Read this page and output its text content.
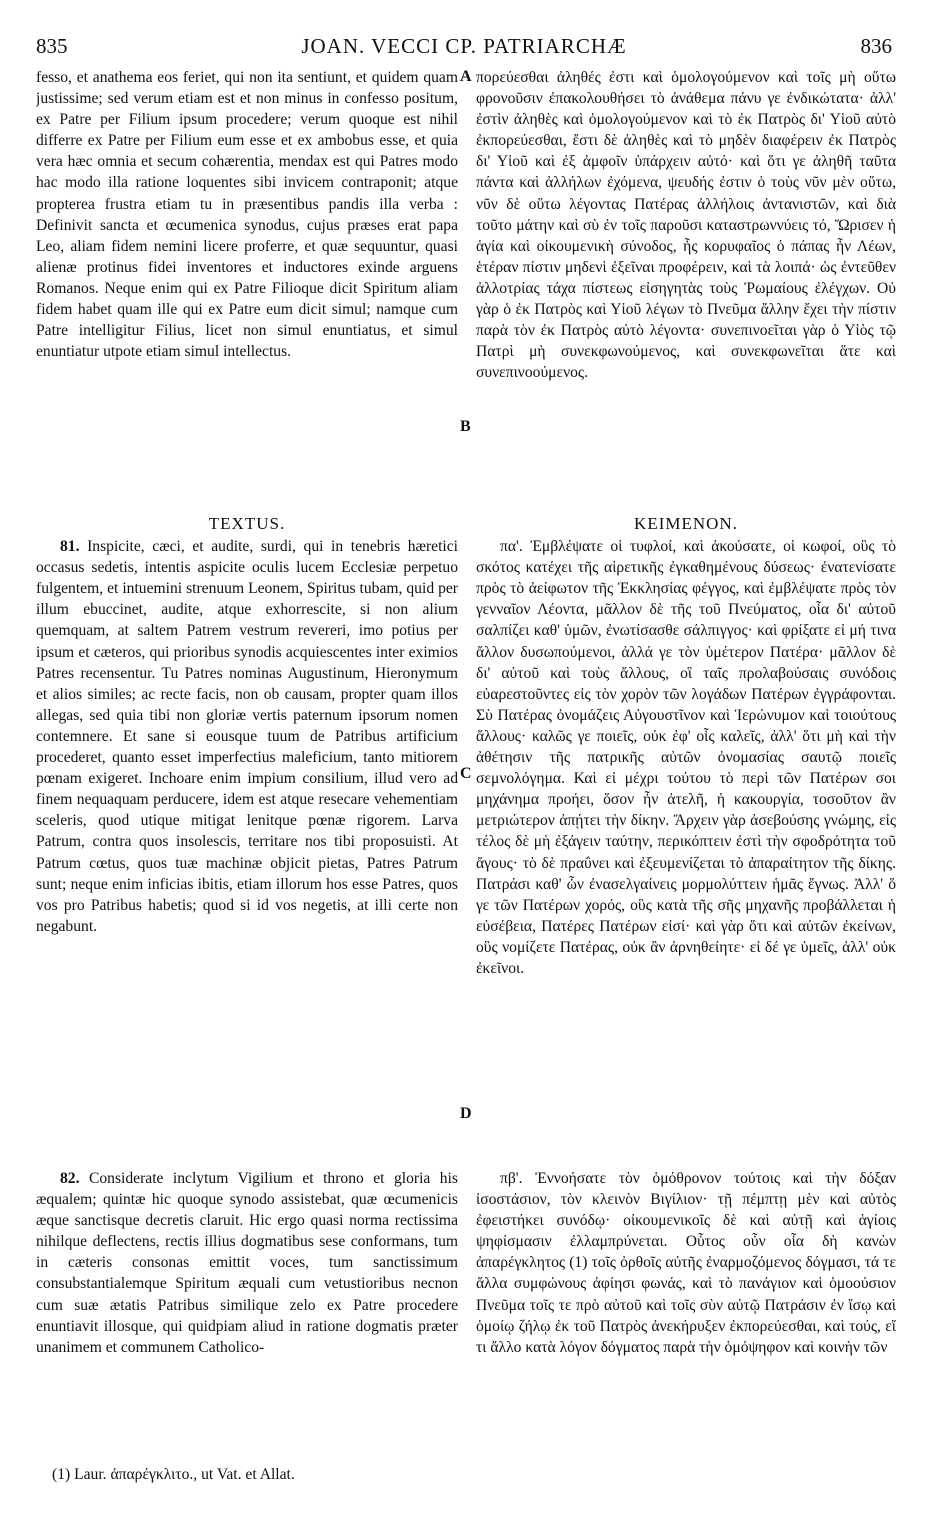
835	JOAN. VECCI CP. PATRIARCHÆ	836
A
B
C
D

fesso, et anathema eos feriet, qui non ita sentiunt, et quidem quam justissime; sed verum etiam est et non minus in confesso positum, ex Patre per Filium ipsum procedere; verum quoque est nihil differre ex Patre per Filium eum esse et ex ambobus esse, et quia vera hæc omnia et secum cohærentia, mendax est qui Patres modo hac modo illa ratione loquentes sibi invicem contraponit; atque propterea frustra etiam tu in præsentibus pandis illa verba : Definivit sancta et œcumenica synodus, cujus præses erat papa Leo, aliam fidem nemini licere proferre, et quæ sequuntur, quasi alienæ protinus fidei inventores et inductores exinde arguens Romanos. Neque enim qui ex Patre Filioque dicit Spiritum aliam fidem habet quam ille qui ex Patre eum dicit simul; namque cum Patre intelligitur Filius, licet non simul enuntiatus, et simul enuntiatur utpote etiam simul intellectus.

πορεύεσθαι ἀληθές ἐστι καὶ ὁμολογούμενον καὶ τοῖς μὴ οὕτω φρονοῦσιν ἐπακολουθήσει τὸ ἀνάθεμα πάνυ γε ἐνδικώτατα· ἀλλ' ἐστὶν ἀληθὲς καὶ ὁμολογούμενον καὶ τὸ ἐκ Πατρὸς δι' Υἱοῦ αὐτὸ ἐκπορεύεσθαι, ἔστι δὲ ἀληθὲς καὶ τὸ μηδὲν διαφέρειν ἐκ Πατρὸς δι' Υἱοῦ καὶ ἐξ ἀμφοῖν ὑπάρχειν αὐτό· καὶ ὅτι γε ἀληθῆ ταῦτα πάντα καὶ ἀλλήλων ἐχόμενα, ψευδής ἐστιν ὁ τοὺς νῦν μὲν οὕτω, νῦν δὲ οὕτω λέγοντας Πατέρας ἀλλήλοις ἀντανιστῶν, καὶ διὰ τοῦτο μάτην καὶ σὺ ἐν τοῖς παροῦσι καταστρωννύεις τό, Ὥρισεν ἡ ἁγία καὶ οἰκουμενικὴ σύνοδος, ἧς κορυφαῖος ὁ πάπας ἦν Λέων, ἑτέραν πίστιν μηδενὶ ἐξεῖναι προφέρειν, καὶ τὰ λοιπά· ὡς ἐντεῦθεν ἀλλοτρίας τάχα πίστεως εἰσηγητὰς τοὺς Ῥωμαίους ἐλέγχων. Οὐ γὰρ ὁ ἐκ Πατρὸς καὶ Υἱοῦ λέγων τὸ Πνεῦμα ἄλλην ἔχει τὴν πίστιν παρὰ τὸν ἐκ Πατρὸς αὐτὸ λέγοντα· συνεπινοεῖται γὰρ ὁ Υἱὸς τῷ Πατρὶ μὴ συνεκφωνούμενος, καὶ συνεκφωνεῖται ἅτε καὶ συνεπινοούμενος.

TEXTUS.

81. Inspicite, cæci, et audite, surdi, qui in tenebris hæretici occasus sedetis, intentis aspicite oculis lucem Ecclesiæ perpetuo fulgentem, et intuemini strenuum Leonem, Spiritus tubam, quid per illum ebuccinet, audite, atque exhorrescite, si non alium quemquam, at saltem Patrem vestrum revereri, imo potius per ipsum et cæteros, qui prioribus synodis acquiescentes inter eximios Patres recensentur. Tu Patres nominas Augustinum, Hieronymum et alios similes; ac recte facis, non ob causam, propter quam illos allegas, sed quia tibi non gloriæ vertis paternum ipsorum nomen contemnere. Et sane si eousque tuum de Patribus artificium procederet, quanto esset imperfectius maleficium, tanto mitiorem pœnam exigeret. Inchoare enim impium consilium, illud vero ad finem nequaquam perducere, idem est atque resecare vehementiam sceleris, quod utique mitigat lenitque pœnæ rigorem. Larva Patrum, contra quos insolescis, territare nos tibi proposuisti. At Patrum cœtus, quos tuæ machinæ objicit pietas, Patres Patrum sunt; neque enim inficias ibitis, etiam illorum hos esse Patres, quos vos pro Patribus habetis; quod si id vos negetis, at illi certe non negabunt.

KEIMENON.

πα'. Ἐμβλέψατε οἱ τυφλοί, καὶ ἀκούσατε, οἱ κωφοί, οὓς τὸ σκότος κατέχει τῆς αἱρετικῆς ἐγκαθημένους δύσεως· ἐνατενίσατε πρὸς τὸ ἀείφωτον τῆς Ἐκκλησίας φέγγος, καὶ ἐμβλέψατε πρὸς τὸν γενναῖον Λέοντα, μᾶλλον δὲ τῆς τοῦ Πνεύματος, οἷα δι' αὐτοῦ σαλπίζει καθ' ὑμῶν, ἐνωτίσασθε σάλπιγγος· καὶ φρίξατε εἰ μή τινα ἄλλον δυσωπούμενοι, ἀλλά γε τὸν ὑμέτερον Πατέρα· μᾶλλον δὲ δι' αὐτοῦ καὶ τοὺς ἄλλους, οἳ ταῖς προλαβούσαις συνόδοις εὐαρεστοῦντες εἰς τὸν χορὸν τῶν λογάδων Πατέρων ἐγγράφονται. Σὺ Πατέρας ὀνομάζεις Αὐγουστῖνον καὶ Ἱερώνυμον καὶ τοιούτους ἄλλους· καλῶς γε ποιεῖς, οὐκ ἐφ' οἷς καλεῖς, ἀλλ' ὅτι μὴ καὶ τὴν ἀθέτησιν τῆς πατρικῆς αὐτῶν ὀνομασίας σαυτῷ ποιεῖς σεμνολόγημα. Καὶ εἰ μέχρι τούτου τὸ περὶ τῶν Πατέρων σοι μηχάνημα προήει, ὅσον ἦν ἀτελῆ, ἡ κακουργία, τοσοῦτον ἂν μετριώτερον ἀπῄτει τὴν δίκην. Ἄρχειν γὰρ ἀσεβούσης γνώμης, εἰς τέλος δὲ μὴ ἐξάγειν ταύτην, περικόπτειν ἐστὶ τὴν σφοδρότητα τοῦ ἄγους· τὸ δὲ πραΰνει καὶ ἐξευμενίζεται τὸ ἀπαραίτητον τῆς δίκης. Πατράσι καθ' ὧν ἐνασελγαίνεις μορμολύττειν ἡμᾶς ἔγνως. Ἀλλ' ὅ γε τῶν Πατέρων χορός, οὓς κατὰ τῆς σῆς μηχανῆς προβάλλεται ἡ εὐσέβεια, Πατέρες Πατέρων εἰσί· καὶ γὰρ ὅτι καὶ αὐτῶν ἐκείνων, οὓς νομίζετε Πατέρας, οὐκ ἂν ἀρνηθείητε· εἰ δέ γε ὑμεῖς, ἀλλ' οὐκ ἐκεῖνοι.

82. Considerate inclytum Vigilium et throno et gloria his æqualem; quintæ hic quoque synodo assistebat, quæ œcumenicis æque sanctisque decretis claruit. Hic ergo quasi norma rectissima nihilque deflectens, rectis illius dogmatibus sese conformans, tum in cæteris consonas emittit voces, tum sanctissimum consubstantialemque Spiritum æquali cum vetustioribus necnon cum suæ ætatis Patribus similique zelo ex Patre procedere enuntiavit illosque, qui quidpiam aliud in ratione dogmatis præter unanimem et communem Catholico-

πβ'. Ἐννοήσατε τὸν ὁμόθρονον τούτοις καὶ τὴν δόξαν ἰσοστάσιον, τὸν κλεινὸν Βιγίλιον· τῇ πέμπτῃ μὲν καὶ αὐτὸς ἐφειστήκει συνόδῳ· οἰκουμενικοῖς δὲ καὶ αὐτῇ καὶ ἁγίοις ψηφίσμασιν ἐλλαμπρύνεται. Οὗτος οὖν οἷα δὴ κανὼν ἀπαρέγκλητος (1) τοῖς ὀρθοῖς αὐτῆς ἐναρμοζόμενος δόγμασι, τά τε ἄλλα συμφώνους ἀφίησι φωνάς, καὶ τὸ πανάγιον καὶ ὁμοούσιον Πνεῦμα τοῖς τε πρὸ αὐτοῦ καὶ τοῖς σὺν αὐτῷ Πατράσιν ἐν ἴσῳ καὶ ὁμοίῳ ζήλῳ ἐκ τοῦ Πατρὸς ἀνεκήρυξεν ἐκπορεύεσθαι, καὶ τούς, εἴ τι ἄλλο κατὰ λόγον δόγματος παρὰ τὴν ὁμόψηφον καὶ κοινὴν τῶν

(1) Laur. ἀπαρέγκλιτο., ut Vat. et Allat.
